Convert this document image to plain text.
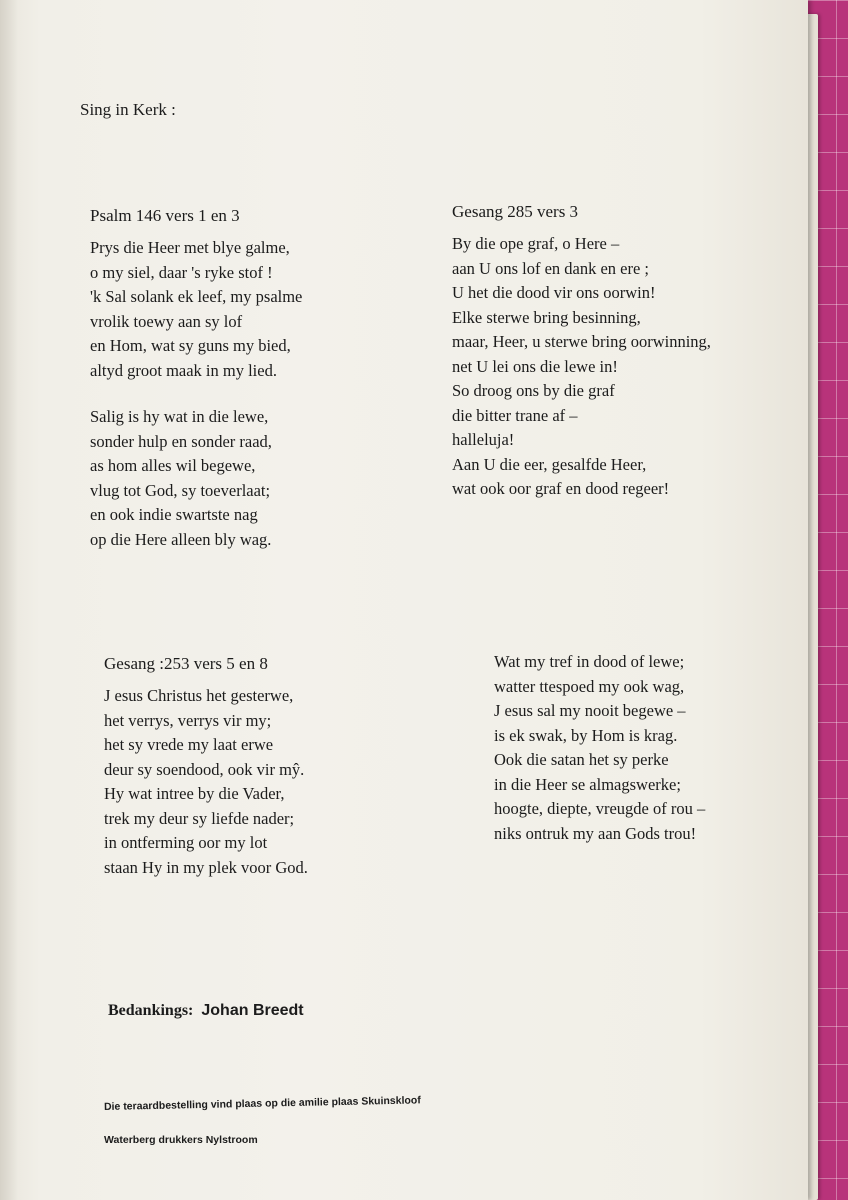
Sing in Kerk :
Psalm 146 vers 1 en 3
Prys die Heer met blye galme,
o my siel, daar 's ryke stof !
'k Sal solank ek leef, my psalme
vrolik toewy aan sy lof
en Hom, wat sy guns my bied,
altyd groot maak in my lied.
Salig is hy wat in die lewe,
sonder hulp en sonder raad,
as hom alles wil begewe,
vlug tot God, sy toeverlaat;
en ook indie swartste nag
op die Here alleen bly wag.
Gesang 285 vers 3
By die ope graf, o Here –
aan U ons lof en dank en ere ;
U het die dood vir ons oorwin!
Elke sterwe bring besinning,
maar, Heer, u sterwe bring oorwinning,
net U lei ons die lewe in!
So droog ons by die graf
die bitter trane af –
halleluja!
Aan U die eer, gesalfde Heer,
wat ook oor graf en dood regeer!
Gesang :253 vers 5 en 8
J esus Christus het gesterwe,
het verrys, verrys vir my;
het sy vrede my laat erwe
deur sy soendood, ook vir mŷ.
Hy wat intree by die Vader,
trek my deur sy liefde nader;
in ontferming oor my lot
staan Hy in my plek voor God.
Wat my tref in dood of lewe;
watter ttespoed my ook wag,
J esus sal my nooit begewe –
is ek swak, by Hom is krag.
Ook die satan het sy perke
in die Heer se almagswerke;
hoogte, diepte, vreugde of rou –
niks ontruk my aan Gods trou!
Bedankings: Johan Breedt
Die teraardbestelling vind plaas op die amilie plaas Skuinskloof
Waterberg drukkers Nylstroom
